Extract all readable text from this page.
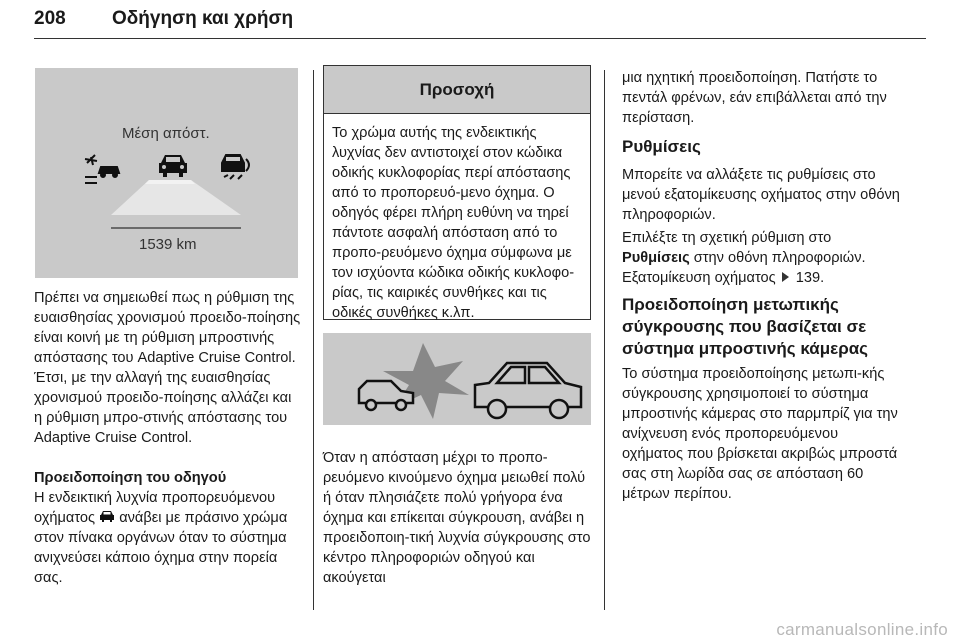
208 Οδήγηση και χρήση
Μέση απόστ.
1539 km
Πρέπει να σημειωθεί πως η ρύθμιση της ευαισθησίας χρονισμού προειδο-ποίησης είναι κοινή με τη ρύθμιση μπροστινής απόστασης του Adaptive Cruise Control. Έτσι, με την αλλαγή της ευαισθησίας χρονισμού προειδο-ποίησης αλλάζει και η ρύθμιση μπρο-στινής απόστασης του Adaptive Cruise Control.
Προειδοποίηση του οδηγού
Η ενδεικτική λυχνία προπορευόμενου οχήματος ανάβει με πράσινο χρώμα στον πίνακα οργάνων όταν το σύστημα ανιχνεύσει κάποιο όχημα στην πορεία σας.
Προσοχή
Το χρώμα αυτής της ενδεικτικής λυχνίας δεν αντιστοιχεί στον κώδικα οδικής κυκλοφορίας περί απόστασης από το προπορευό-μενο όχημα. Ο οδηγός φέρει πλήρη ευθύνη να τηρεί πάντοτε ασφαλή απόσταση από το προπο-ρευόμενο όχημα σύμφωνα με τον ισχύοντα κώδικα οδικής κυκλοφο-ρίας, τις καιρικές συνθήκες και τις οδικές συνθήκες κ.λπ.
Όταν η απόσταση μέχρι το προπο-ρευόμενο κινούμενο όχημα μειωθεί πολύ ή όταν πλησιάζετε πολύ γρήγορα ένα όχημα και επίκειται σύγκρουση, ανάβει η προειδοποιη-τική λυχνία σύγκρουσης στο κέντρο πληροφοριών οδηγού και ακούγεται
μια ηχητική προειδοποίηση. Πατήστε το πεντάλ φρένων, εάν επιβάλλεται από την περίσταση.
Ρυθμίσεις
Μπορείτε να αλλάξετε τις ρυθμίσεις στο μενού εξατομίκευσης οχήματος στην οθόνη πληροφοριών.
Επιλέξτε τη σχετική ρύθμιση στο Ρυθμίσεις στην οθόνη πληροφοριών.
Εξατομίκευση οχήματος 139.
Προειδοποίηση μετωπικής σύγκρουσης που βασίζεται σε σύστημα μπροστινής κάμερας
Το σύστημα προειδοποίησης μετωπι-κής σύγκρουσης χρησιμοποιεί το σύστημα μπροστινής κάμερας στο παρμπρίζ για την ανίχνευση ενός προπορευόμενου οχήματος που βρίσκεται ακριβώς μπροστά σας στη λωρίδα σας σε απόσταση 60 μέτρων περίπου.
carmanualsonline.info
